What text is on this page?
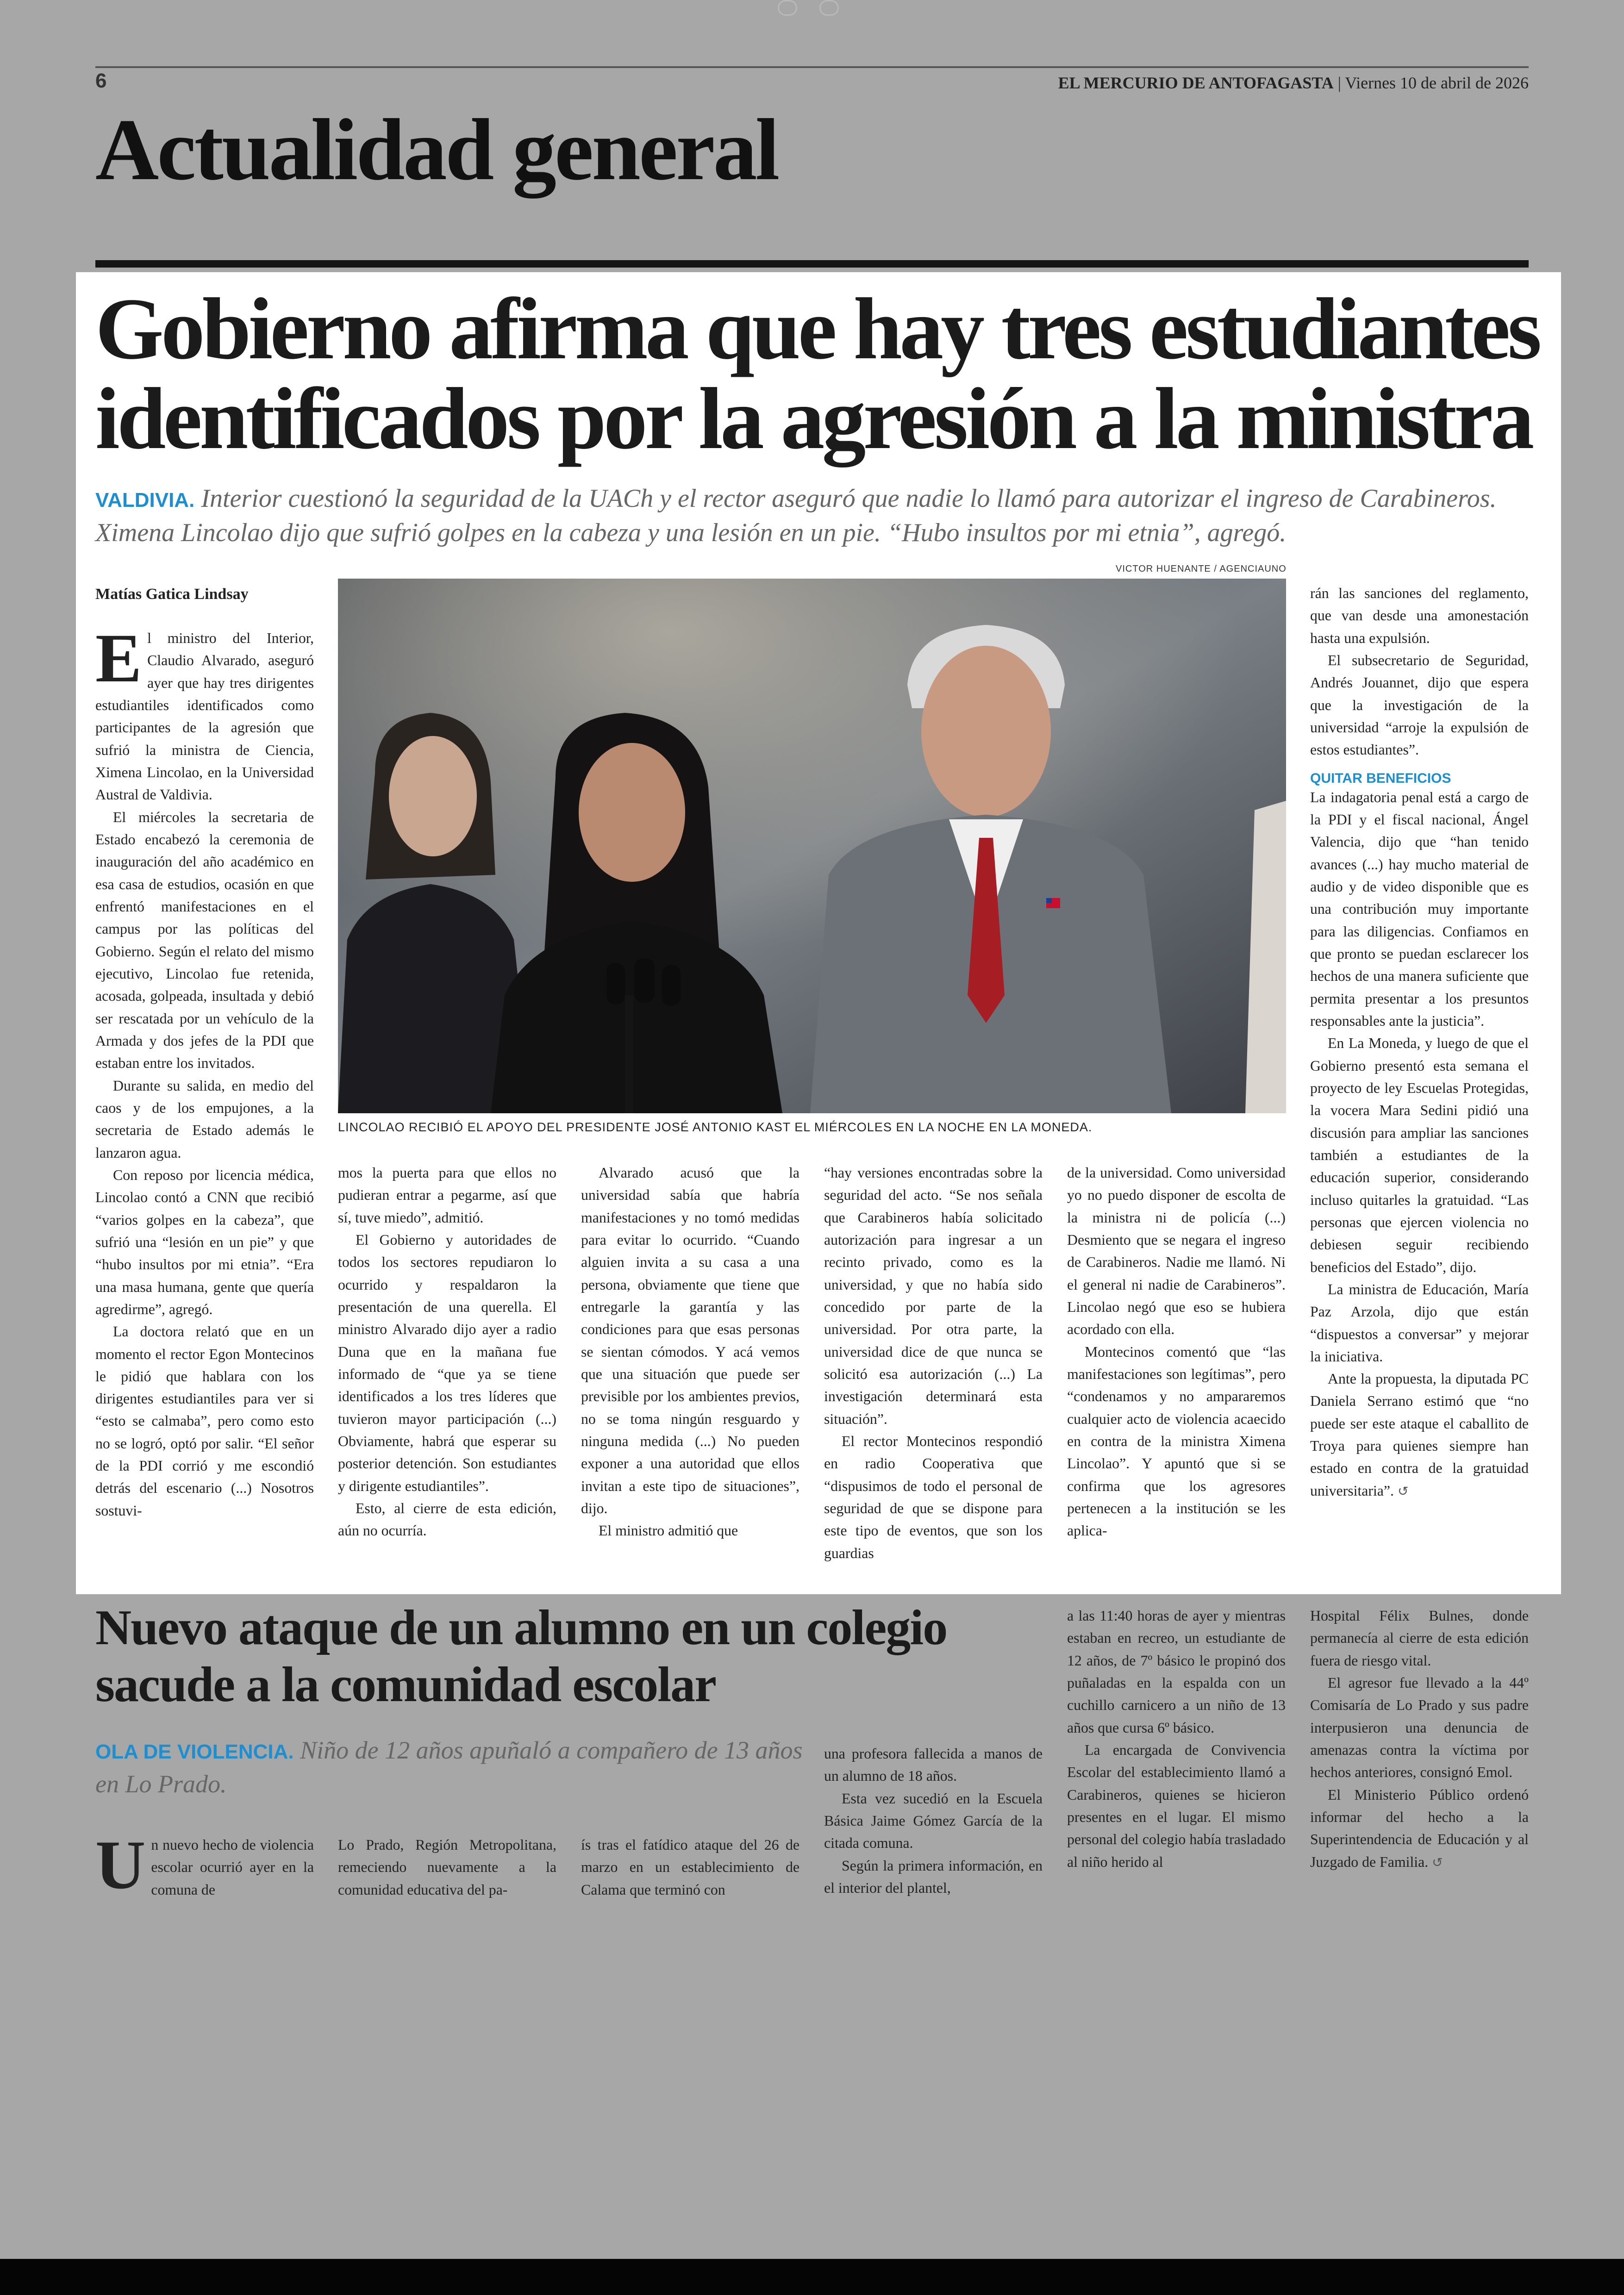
6	EL MERCURIO DE ANTOFAGASTA | Viernes 10 de abril de 2026
Actualidad general
Gobierno afirma que hay tres estudiantes
identificados por la agresión a la ministra
VALDIVIA. Interior cuestionó la seguridad de la UACh y el rector aseguró que nadie lo llamó para autorizar el ingreso de Carabineros. Ximena Lincolao dijo que sufrió golpes en la cabeza y una lesión en un pie. “Hubo insultos por mi etnia”, agregó.
VICTOR HUENANTE / AGENCIAUNO
Matías Gatica Lindsay
LINCOLAO RECIBIÓ EL APOYO DEL PRESIDENTE JOSÉ ANTONIO KAST EL MIÉRCOLES EN LA NOCHE EN LA MONEDA.

El ministro del Interior, Claudio Alvarado, aseguró ayer que hay tres dirigentes estudiantiles identificados como participantes de la agresión que sufrió la ministra de Ciencia, Ximena Lincolao, en la Universidad Austral de Valdivia.

El miércoles la secretaria de Estado encabezó la ceremonia de inauguración del año académico en esa casa de estudios, ocasión en que enfrentó manifestaciones en el campus por las políticas del Gobierno. Según el relato del mismo ejecutivo, Lincolao fue retenida, acosada, golpeada, insultada y debió ser rescatada por un vehículo de la Armada y dos jefes de la PDI que estaban entre los invitados.

Durante su salida, en medio del caos y de los empujones, a la secretaria de Estado además le lanzaron agua.

Con reposo por licencia médica, Lincolao contó a CNN que recibió “varios golpes en la cabeza”, que sufrió una “lesión en un pie” y que “hubo insultos por mi etnia”. “Era una masa humana, gente que quería agredirme”, agregó.

La doctora relató que en un momento el rector Egon Montecinos le pidió que hablara con los dirigentes estudiantiles para ver si “esto se calmaba”, pero como esto no se logró, optó por salir. “El señor de la PDI corrió y me escondió detrás del escenario (...) Nosotros sostuvi-

mos la puerta para que ellos no pudieran entrar a pegarme, así que sí, tuve miedo”, admitió.

El Gobierno y autoridades de todos los sectores repudiaron lo ocurrido y respaldaron la presentación de una querella. El ministro Alvarado dijo ayer a radio Duna que en la mañana fue informado de “que ya se tiene identificados a los tres líderes que tuvieron mayor participación (...) Obviamente, habrá que esperar su posterior detención. Son estudiantes y dirigente estudiantiles”.

Esto, al cierre de esta edición, aún no ocurría.

Alvarado acusó que la universidad sabía que habría manifestaciones y no tomó medidas para evitar lo ocurrido. “Cuando alguien invita a su casa a una persona, obviamente que tiene que entregarle la garantía y las condiciones para que esas personas se sientan cómodos. Y acá vemos que una situación que puede ser previsible por los ambientes previos, no se toma ningún resguardo y ninguna medida (...) No pueden exponer a una autoridad que ellos invitan a este tipo de situaciones”, dijo.

El ministro admitió que

“hay versiones encontradas sobre la seguridad del acto. “Se nos señala que Carabineros había solicitado autorización para ingresar a un recinto privado, como es la universidad, y que no había sido concedido por parte de la universidad. Por otra parte, la universidad dice de que nunca se solicitó esa autorización (...) La investigación determinará esta situación”.

El rector Montecinos respondió en radio Cooperativa que “dispusimos de todo el personal de seguridad de que se dispone para este tipo de eventos, que son los guardias

de la universidad. Como universidad yo no puedo disponer de escolta de la ministra ni de policía (...) Desmiento que se negara el ingreso de Carabineros. Nadie me llamó. Ni el general ni nadie de Carabineros”. Lincolao negó que eso se hubiera acordado con ella.

Montecinos comentó que “las manifestaciones son legítimas”, pero “condenamos y no ampararemos cualquier acto de violencia acaecido en contra de la ministra Ximena Lincolao”. Y apuntó que si se confirma que los agresores pertenecen a la institución se les aplica-

rán las sanciones del reglamento, que van desde una amonestación hasta una expulsión.

El subsecretario de Seguridad, Andrés Jouannet, dijo que espera que la investigación de la universidad “arroje la expulsión de estos estudiantes”.

QUITAR BENEFICIOS

La indagatoria penal está a cargo de la PDI y el fiscal nacional, Ángel Valencia, dijo que “han tenido avances (...) hay mucho material de audio y de video disponible que es una contribución muy importante para las diligencias. Confiamos en que pronto se puedan esclarecer los hechos de una manera suficiente que permita presentar a los presuntos responsables ante la justicia”.

En La Moneda, y luego de que el Gobierno presentó esta semana el proyecto de ley Escuelas Protegidas, la vocera Mara Sedini pidió una discusión para ampliar las sanciones también a estudiantes de la educación superior, considerando incluso quitarles la gratuidad. “Las personas que ejercen violencia no debiesen seguir recibiendo beneficios del Estado”, dijo.

La ministra de Educación, María Paz Arzola, dijo que están “dispuestos a conversar” y mejorar la iniciativa.

Ante la propuesta, la diputada PC Daniela Serrano estimó que “no puede ser este ataque el caballito de Troya para quienes siempre han estado en contra de la gratuidad universitaria”. ↺

Nuevo ataque de un alumno en un colegio sacude a la comunidad escolar
OLA DE VIOLENCIA. Niño de 12 años apuñaló a compañero de 13 años en Lo Prado.

Un nuevo hecho de violencia escolar ocurrió ayer en la comuna de

Lo Prado, Región Metropolitana, remeciendo nuevamente a la comunidad educativa del pa-

ís tras el fatídico ataque del 26 de marzo en un establecimiento de Calama que terminó con

una profesora fallecida a manos de un alumno de 18 años.

Esta vez sucedió en la Escuela Básica Jaime Gómez García de la citada comuna.

Según la primera información, en el interior del plantel,

a las 11:40 horas de ayer y mientras estaban en recreo, un estudiante de 12 años, de 7º básico le propinó dos puñaladas en la espalda con un cuchillo carnicero a un niño de 13 años que cursa 6º básico.

La encargada de Convivencia Escolar del establecimiento llamó a Carabineros, quienes se hicieron presentes en el lugar. El mismo personal del colegio había trasladado al niño herido al

Hospital Félix Bulnes, donde permanecía al cierre de esta edición fuera de riesgo vital.

El agresor fue llevado a la 44º Comisaría de Lo Prado y sus padre interpusieron una denuncia de amenazas contra la víctima por hechos anteriores, consignó Emol.

El Ministerio Público ordenó informar del hecho a la Superintendencia de Educación y al Juzgado de Familia. ↺
